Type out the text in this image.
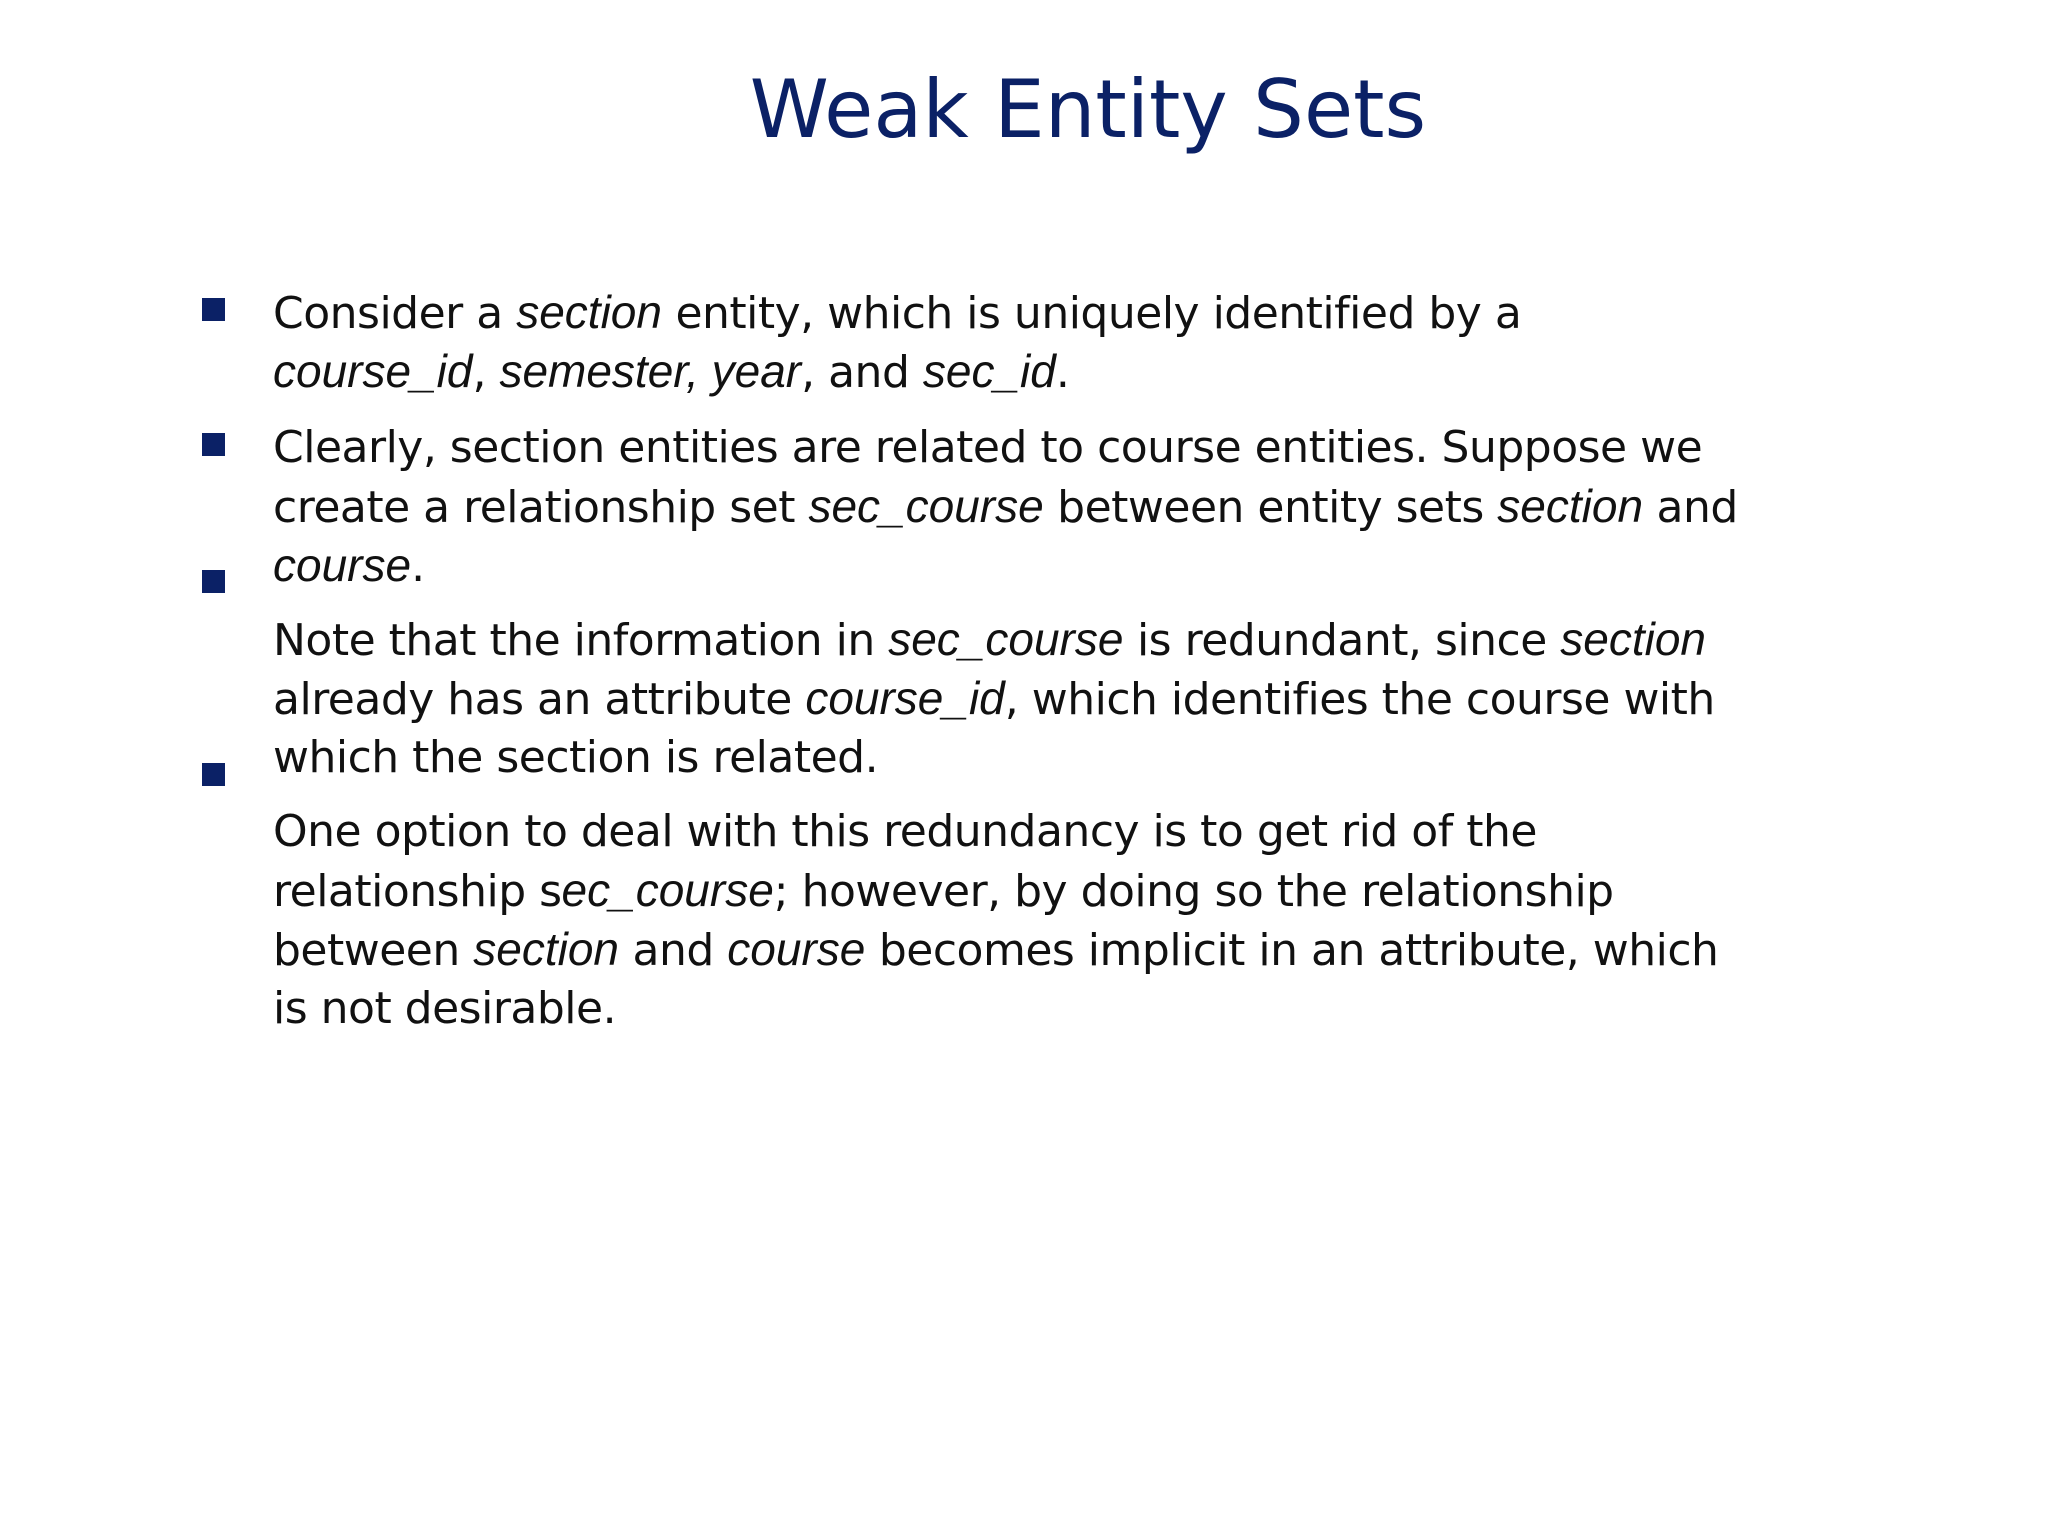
Weak Entity Sets
Consider a section entity, which is uniquely identified by a
course_id, semester, year, and sec_id.
Clearly, section entities are related to course entities. Suppose we
create a relationship set sec_course between entity sets section and
course.
Note that the information in sec_course is redundant, since section
already has an attribute course_id, which identifies the course with
which the section is related.
One option to deal with this redundancy is to get rid of the
relationship sec_course; however, by doing so the relationship
between section and course becomes implicit in an attribute, which
is not desirable.
